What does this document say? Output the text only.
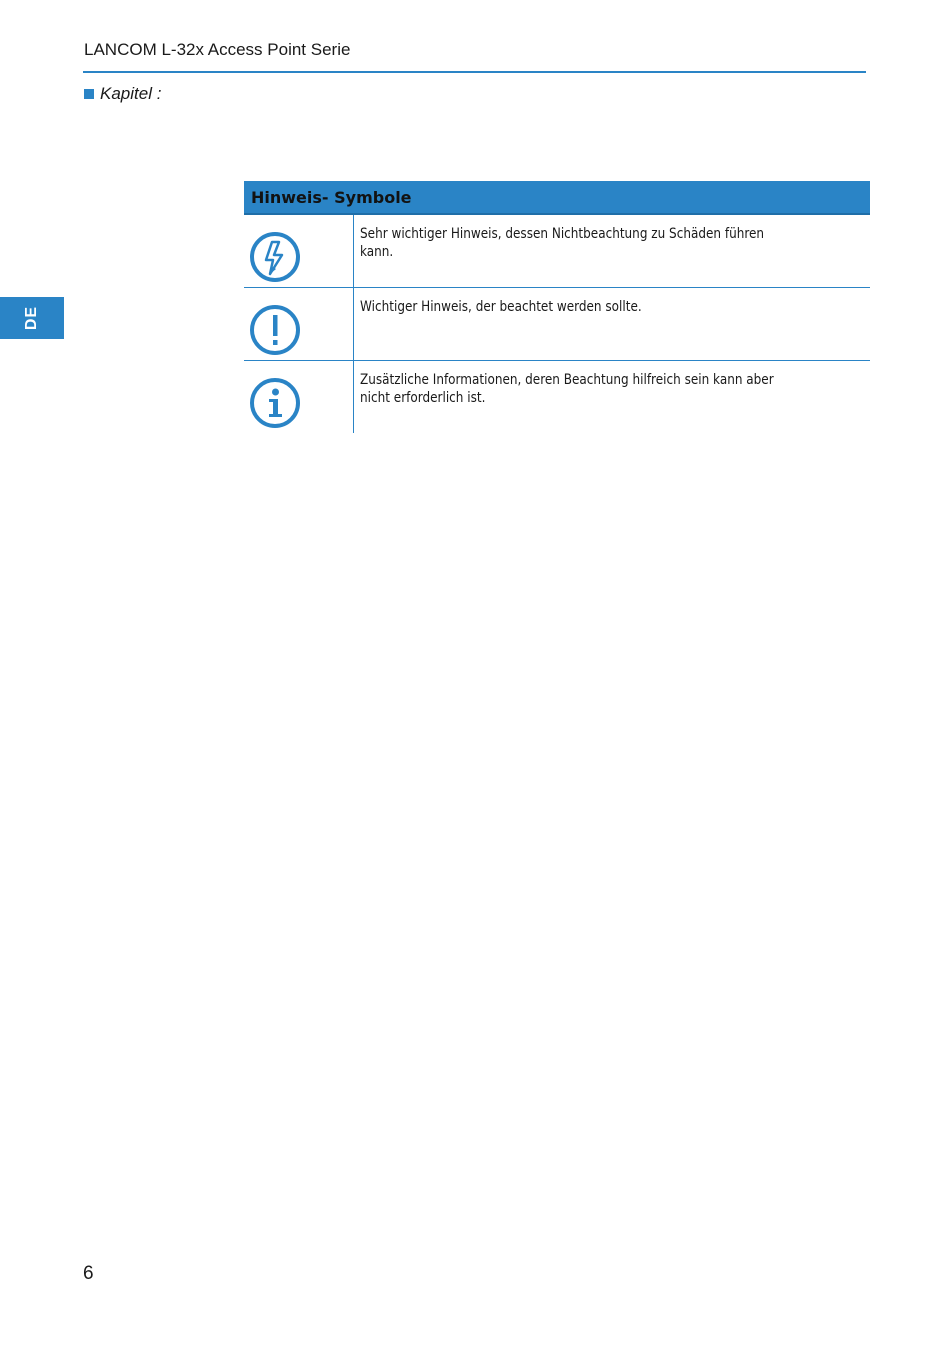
LANCOM L-32x Access Point Serie
Kapitel :
DE
Hinweis- Symbole
Sehr wichtiger Hinweis, dessen Nichtbeachtung zu Schäden führen kann.
Wichtiger Hinweis, der beachtet werden sollte.
Zusätzliche Informationen, deren Beachtung hilfreich sein kann aber nicht erforderlich ist.
6
